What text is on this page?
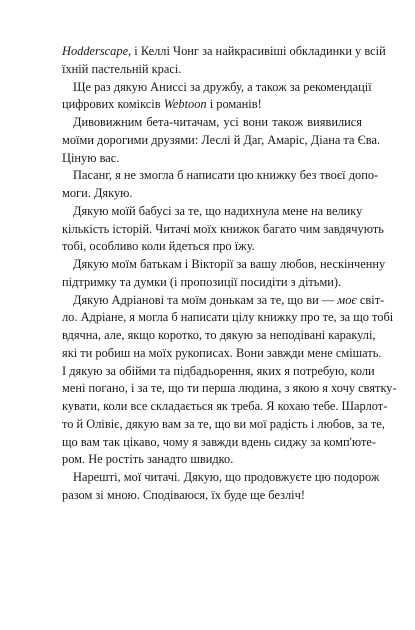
Hodderscape, і Келлі Чонг за найкрасивіші обкладинки у всій
їхній пастельній красі.
Ще раз дякую Аниссі за дружбу, а також за рекомендації
цифрових коміксів Webtoon і романів!
Дивовижним бета-читачам, усі вони також виявилися
моїми дорогими друзями: Леслі й Даг, Амаріс, Діана та Єва.
Ціную вас.
Пасанг, я не змогла б написати цю книжку без твоєї допо-
моги. Дякую.
Дякую моїй бабусі за те, що надихнула мене на велику
кількість історій. Читачі моїх книжок багато чим завдячують
тобі, особливо коли йдеться про їжу.
Дякую моїм батькам і Вікторії за вашу любов, нескінченну
підтримку та думки (і пропозиції посидіти з дітьми).
Дякую Адріанові та моїм донькам за те, що ви — моє світ-
ло. Адріане, я могла б написати цілу книжку про те, за що тобі
вдячна, але, якщо коротко, то дякую за неподівані каракулі,
які ти робиш на моїх рукописах. Вони завжди мене смішать.
І дякую за обійми та підбадьорення, яких я потребую, коли
мені погано, і за те, що ти перша людина, з якою я хочу святку-
кувати, коли все складається як треба. Я кохаю тебе. Шарлот-
то й Олівіє, дякую вам за те, що ви мої радість і любов, за те,
що вам так цікаво, чому я завжди вдень сиджу за комп'юте-
ром. Не ростіть занадто швидко.
Нарешті, мої читачі. Дякую, що продовжуєте цю подорож
разом зі мною. Сподіваюся, їх буде ще безліч!
